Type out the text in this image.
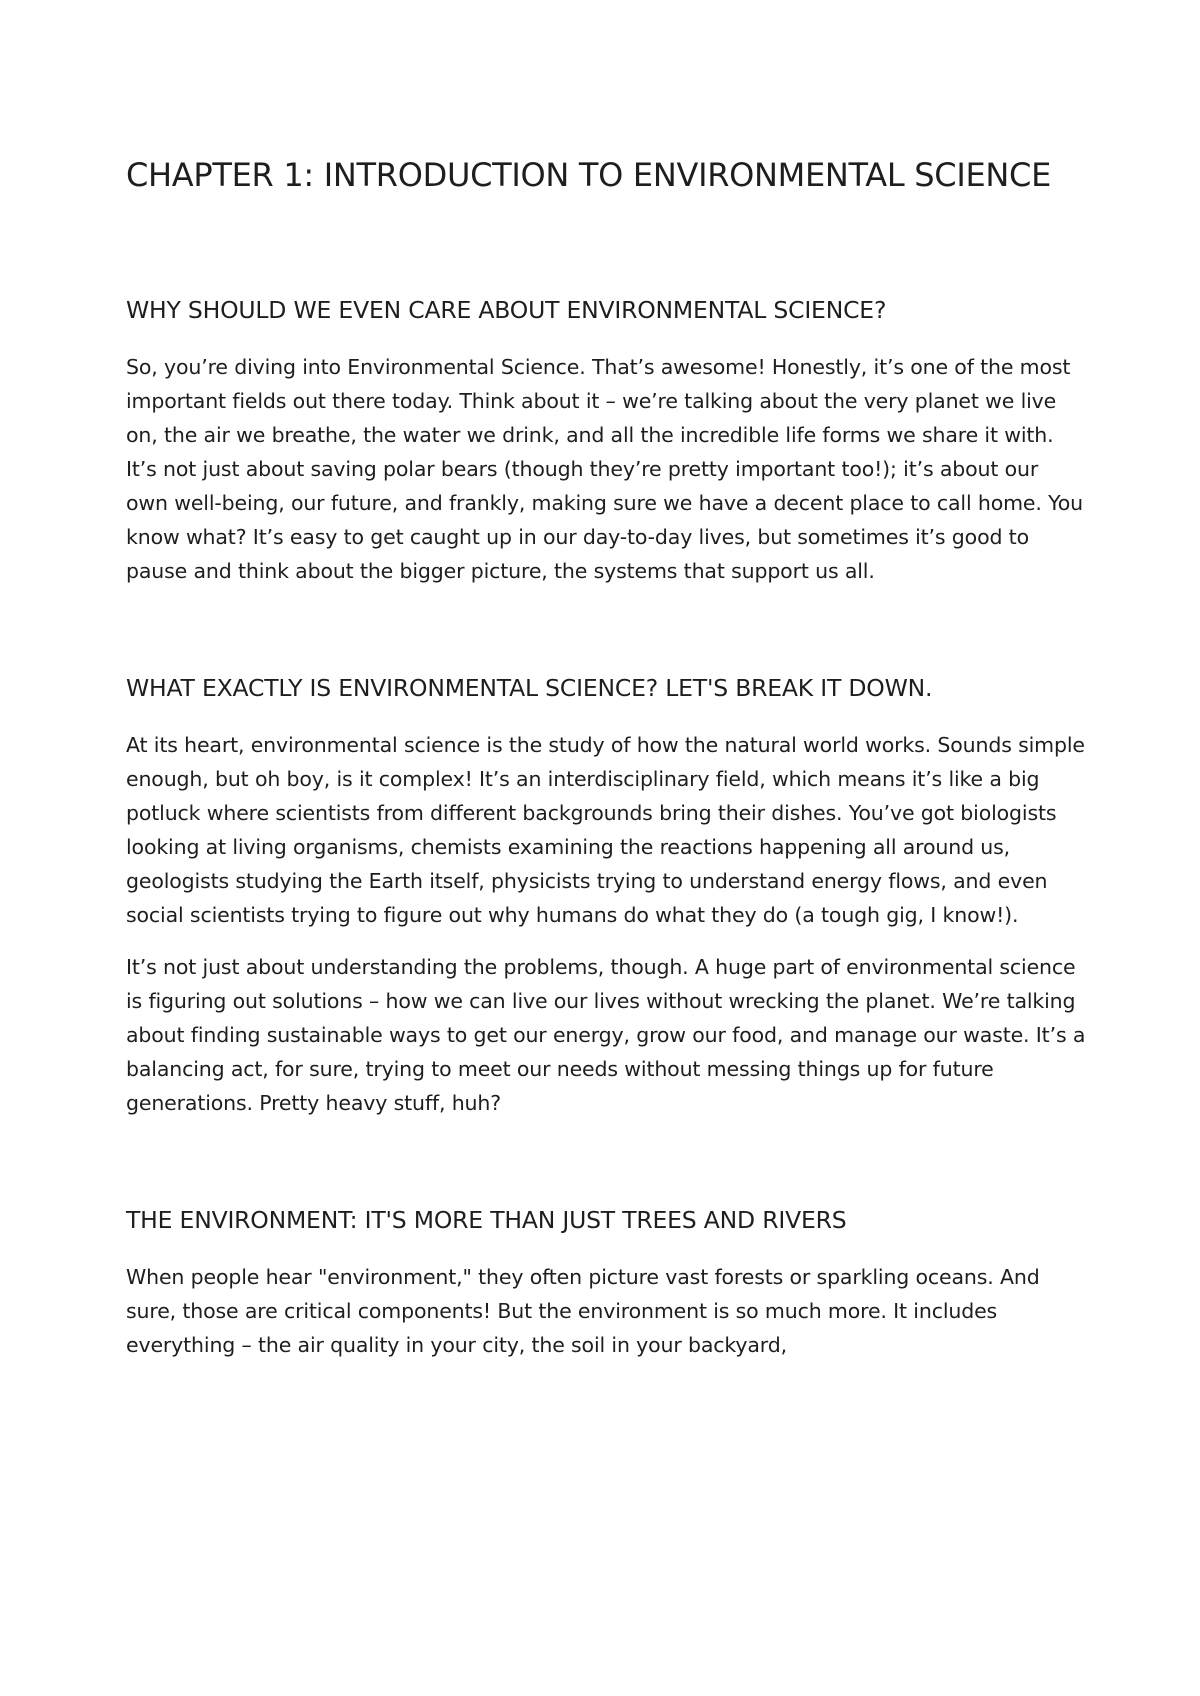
CHAPTER 1: INTRODUCTION TO ENVIRONMENTAL SCIENCE
WHY SHOULD WE EVEN CARE ABOUT ENVIRONMENTAL SCIENCE?

So, you’re diving into Environmental Science. That’s awesome! Honestly, it’s one of the most important fields out there today. Think about it – we’re talking about the very planet we live on, the air we breathe, the water we drink, and all the incredible life forms we share it with. It’s not just about saving polar bears (though they’re pretty important too!); it’s about our own well-being, our future, and frankly, making sure we have a decent place to call home. You know what? It’s easy to get caught up in our day-to-day lives, but sometimes it’s good to pause and think about the bigger picture, the systems that support us all.

WHAT EXACTLY IS ENVIRONMENTAL SCIENCE? LET'S BREAK IT DOWN.

At its heart, environmental science is the study of how the natural world works. Sounds simple enough, but oh boy, is it complex! It’s an interdisciplinary field, which means it’s like a big potluck where scientists from different backgrounds bring their dishes. You’ve got biologists looking at living organisms, chemists examining the reactions happening all around us, geologists studying the Earth itself, physicists trying to understand energy flows, and even social scientists trying to figure out why humans do what they do (a tough gig, I know!).

It’s not just about understanding the problems, though. A huge part of environmental science is figuring out solutions – how we can live our lives without wrecking the planet. We’re talking about finding sustainable ways to get our energy, grow our food, and manage our waste. It’s a balancing act, for sure, trying to meet our needs without messing things up for future generations. Pretty heavy stuff, huh?

THE ENVIRONMENT: IT'S MORE THAN JUST TREES AND RIVERS

When people hear "environment," they often picture vast forests or sparkling oceans. And sure, those are critical components! But the environment is so much more. It includes everything – the air quality in your city, the soil in your backyard,
